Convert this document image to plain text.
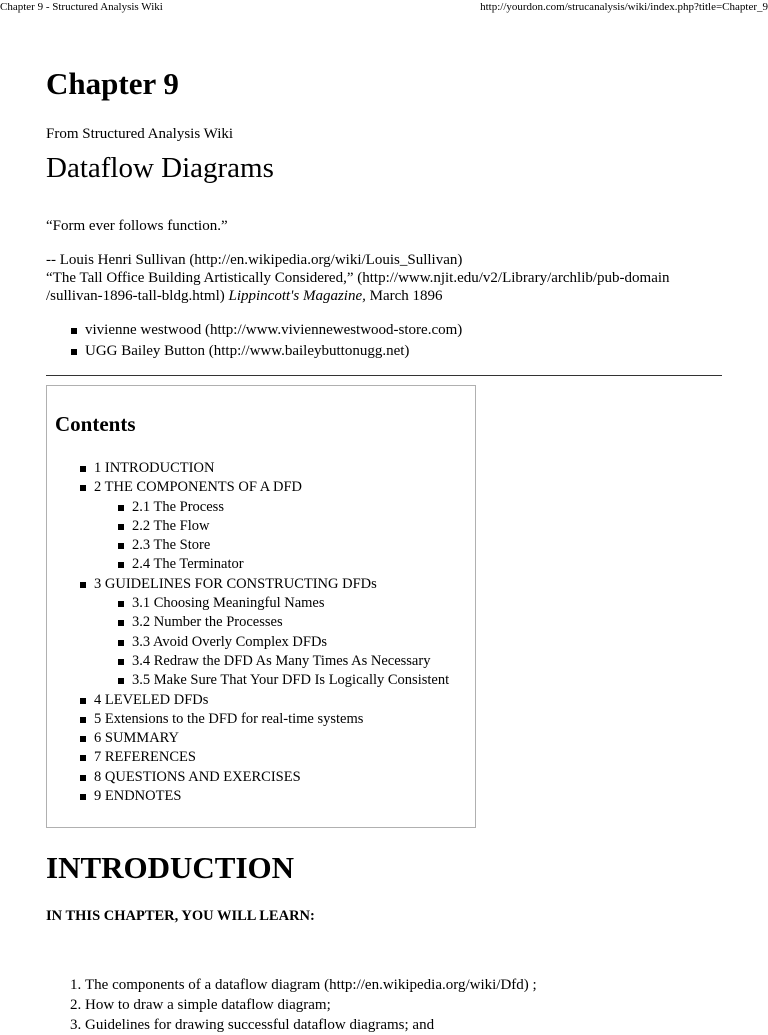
Chapter 9 - Structured Analysis Wiki	http://yourdon.com/strucanalysis/wiki/index.php?title=Chapter_9
Chapter 9
From Structured Analysis Wiki
Dataflow Diagrams

“Form ever follows function.”

-- Louis Henri Sullivan (http://en.wikipedia.org/wiki/Louis_Sullivan)
“The Tall Office Building Artistically Considered,” (http://www.njit.edu/v2/Library/archlib/pub-domain
/sullivan-1896-tall-bldg.html) Lippincott's Magazine, March 1896
vivienne westwood (http://www.viviennewestwood-store.com)
UGG Bailey Button (http://www.baileybuttonugg.net)
Contents
1 INTRODUCTION
2 THE COMPONENTS OF A DFD
2.1 The Process
2.2 The Flow
2.3 The Store
2.4 The Terminator
3 GUIDELINES FOR CONSTRUCTING DFDs
3.1 Choosing Meaningful Names
3.2 Number the Processes
3.3 Avoid Overly Complex DFDs
3.4 Redraw the DFD As Many Times As Necessary
3.5 Make Sure That Your DFD Is Logically Consistent
4 LEVELED DFDs
5 Extensions to the DFD for real-time systems
6 SUMMARY
7 REFERENCES
8 QUESTIONS AND EXERCISES
9 ENDNOTES
INTRODUCTION
IN THIS CHAPTER, YOU WILL LEARN:
1. The components of a dataflow diagram (http://en.wikipedia.org/wiki/Dfd) ;
2. How to draw a simple dataflow diagram;
3. Guidelines for drawing successful dataflow diagrams; and
